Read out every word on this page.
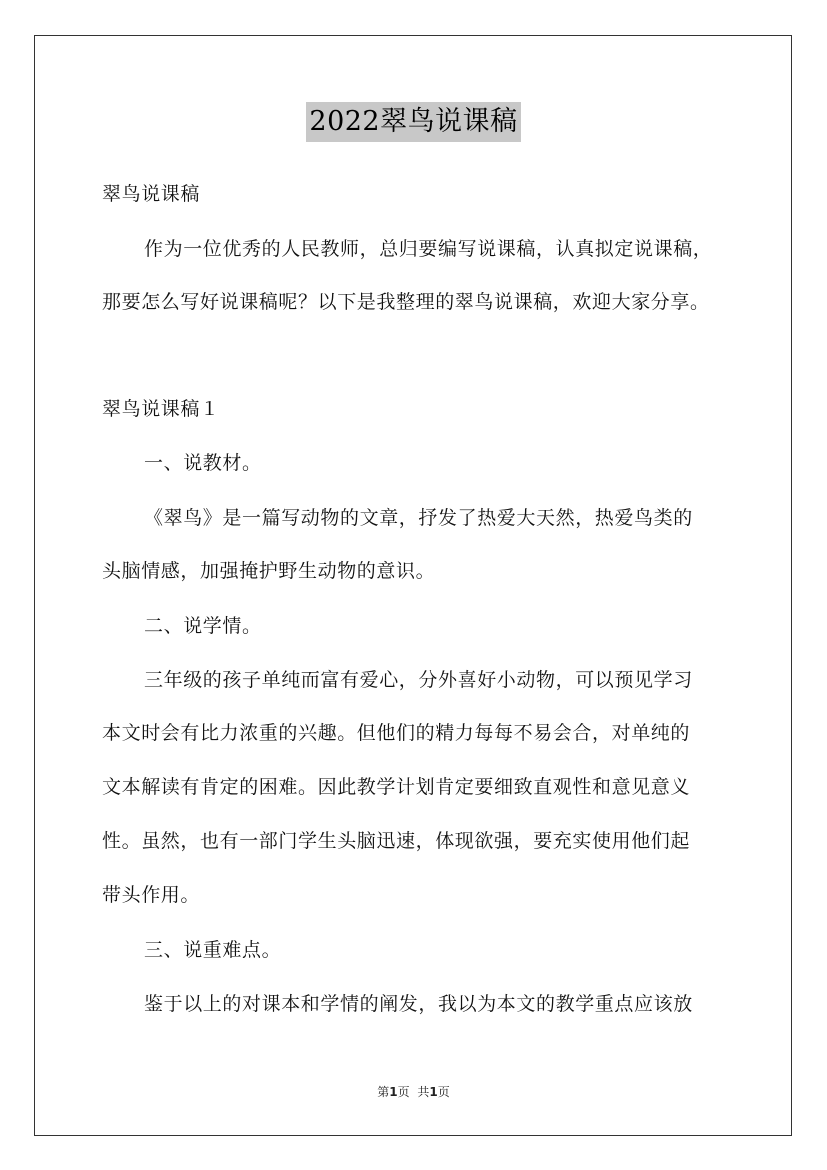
2022翠鸟说课稿
翠鸟说课稿
作为一位优秀的人民教师，总归要编写说课稿，认真拟定说课稿，
那要怎么写好说课稿呢？以下是我整理的翠鸟说课稿，欢迎大家分享。
翠鸟说课稿１
一、说教材。
《翠鸟》是一篇写动物的文章，抒发了热爱大天然，热爱鸟类的
头脑情感，加强掩护野生动物的意识。
二、说学情。
三年级的孩子单纯而富有爱心，分外喜好小动物，可以预见学习
本文时会有比力浓重的兴趣。但他们的精力每每不易会合，对单纯的
文本解读有肯定的困难。因此教学计划肯定要细致直观性和意见意义
性。虽然，也有一部门学生头脑迅速，体现欲强，要充实使用他们起
带头作用。
三、说重难点。
鉴于以上的对课本和学情的阐发，我以为本文的教学重点应该放
第1页 共1页
